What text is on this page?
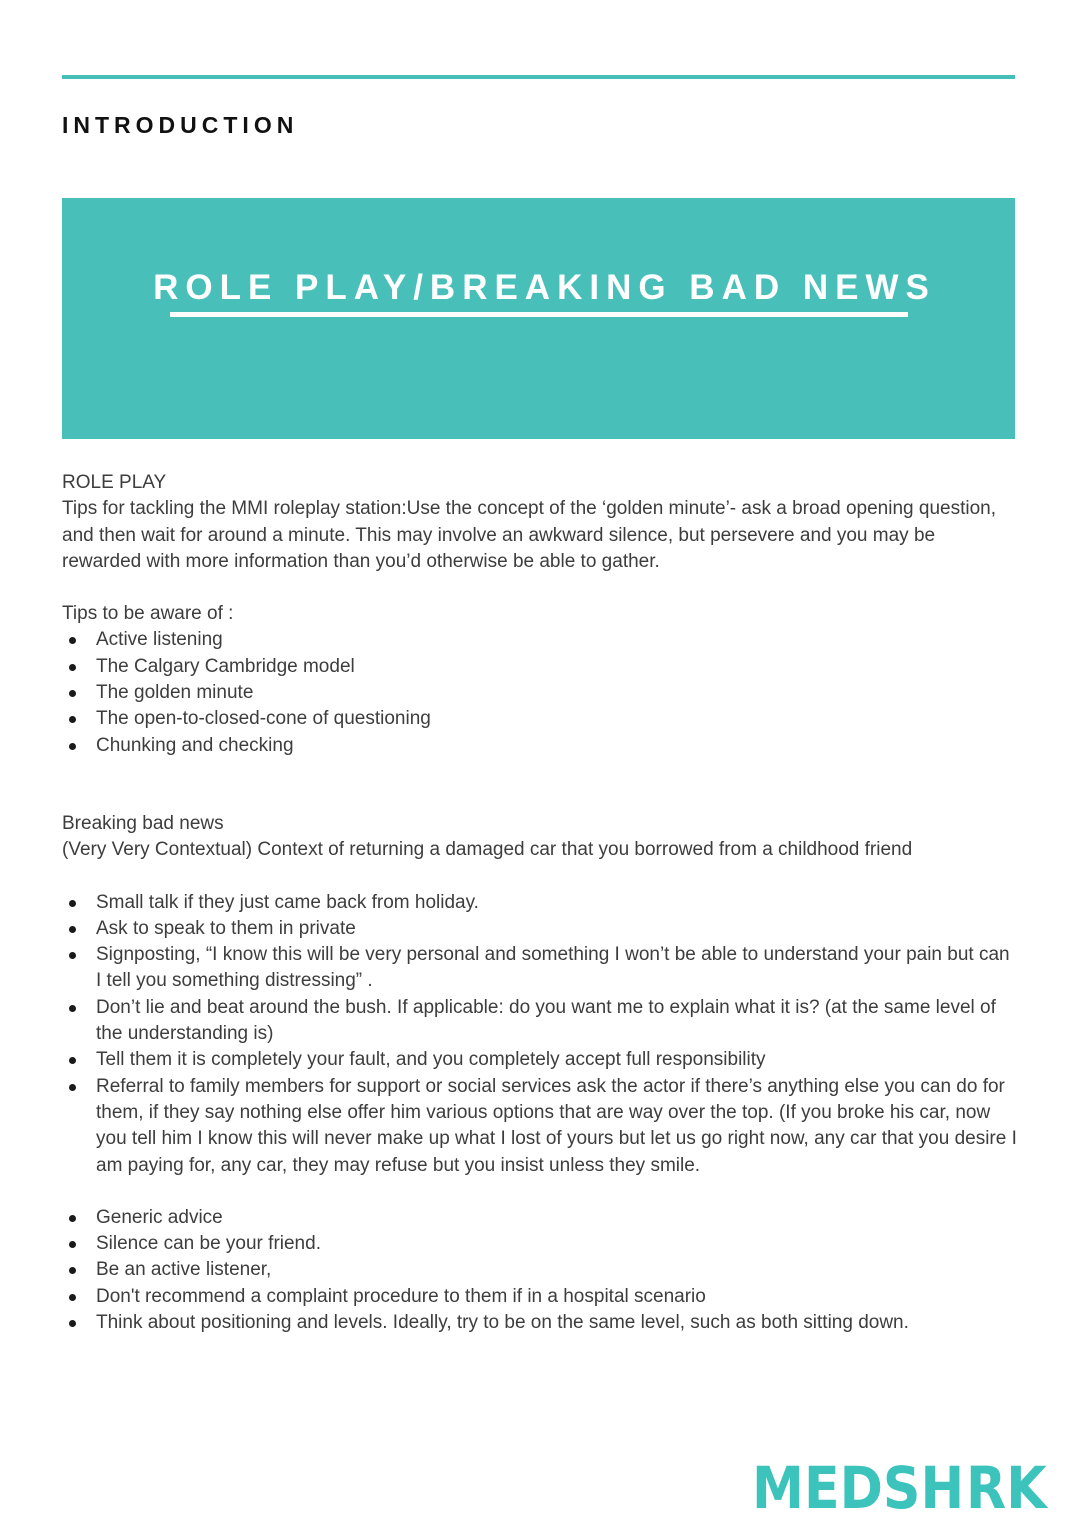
INTRODUCTION
ROLE PLAY/BREAKING BAD NEWS

ROLE PLAY

Tips for tackling the MMI roleplay station:Use the concept of the ‘golden minute’- ask a broad opening question, and then wait for around a minute. This may involve an awkward silence, but persevere and you may be rewarded with more information than you’d otherwise be able to gather.

Tips to be aware of :

Active listening
The Calgary Cambridge model
The golden minute
The open-to-closed-cone of questioning
Chunking and checking

Breaking bad news

(Very Very Contextual) Context of returning a damaged car that you borrowed from a childhood friend

Small talk if they just came back from holiday.
Ask to speak to them in private
Signposting, “I know this will be very personal and something I won’t be able to understand your pain but can I tell you something distressing” .
Don’t lie and beat around the bush. If applicable: do you want me to explain what it is? (at the same level of the understanding is)
Tell them it is completely your fault, and you completely accept full responsibility
Referral to family members for support or social services ask the actor if there’s anything else you can do for them, if they say nothing else offer him various options that are way over the top. (If you broke his car, now you tell him I know this will never make up what I lost of yours but let us go right now, any car that you desire I am paying for, any car, they may refuse but you insist unless they smile.
Generic advice
Silence can be your friend.
Be an active listener,
Don't recommend a complaint procedure to them if in a hospital scenario
Think about positioning and levels. Ideally, try to be on the same level, such as both sitting down.
MEDSH RK
